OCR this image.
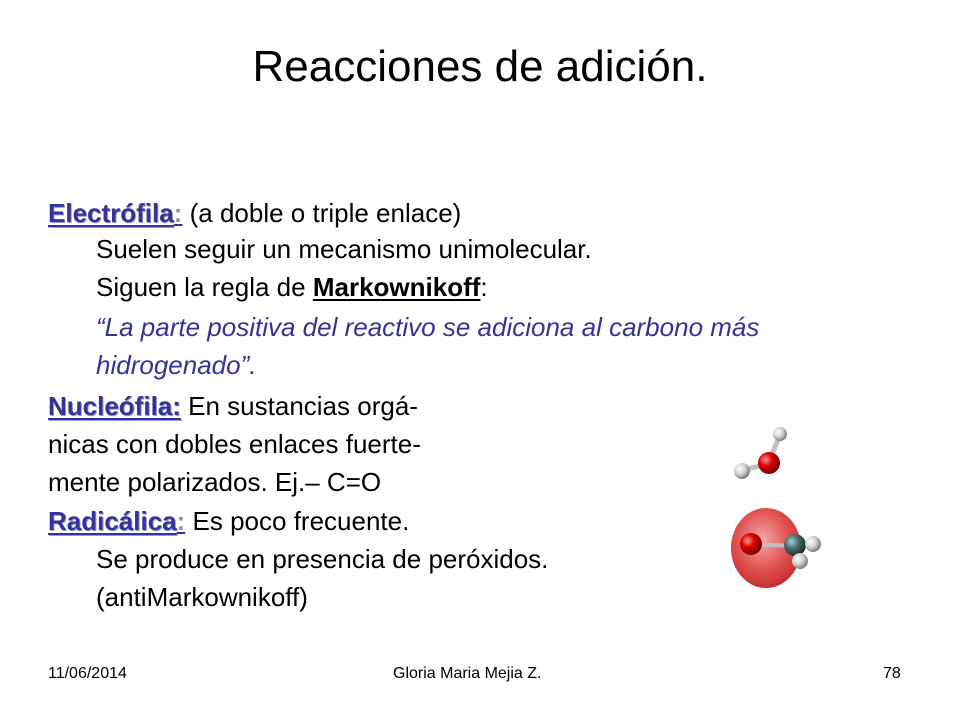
Reacciones de adición.
Electrófila: (a doble o triple enlace)
Suelen seguir un mecanismo unimolecular.
Siguen la regla de Markownikoff:
“La parte positiva del reactivo se adiciona al carbono más
hidrogenado”.
Nucleófila: En sustancias orgá-
nicas con dobles enlaces fuerte-
mente polarizados. Ej.– C=O
Radicálica: Es poco frecuente.
Se produce en presencia de peróxidos.
(antiMarkownikoff)
11/06/2014	Gloria Maria Mejia Z.	78
